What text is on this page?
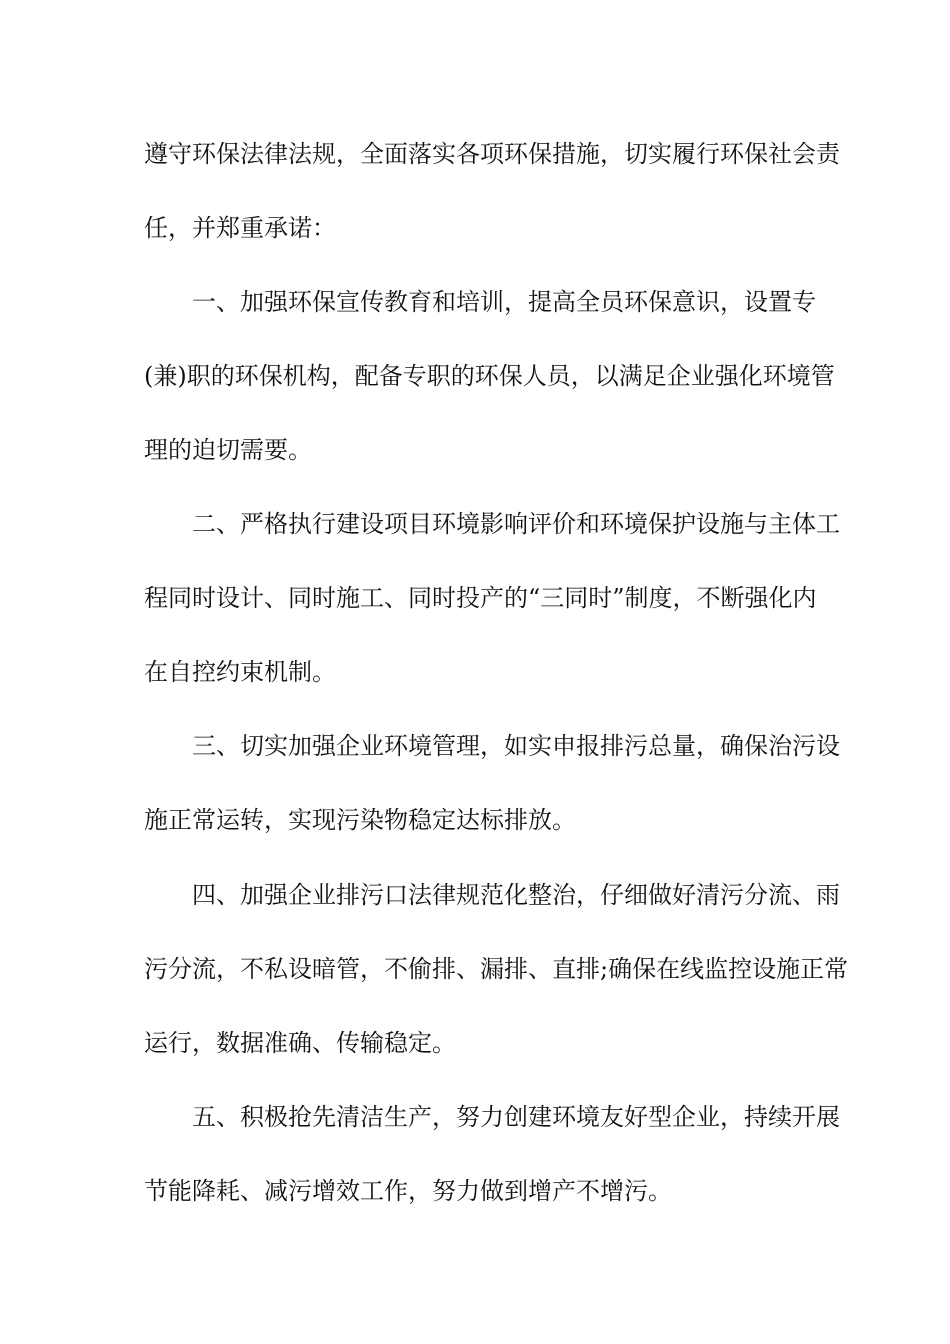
遵守环保法律法规，全面落实各项环保措施，切实履行环保社会责
任，并郑重承诺：
一、加强环保宣传教育和培训，提高全员环保意识，设置专
(兼)职的环保机构，配备专职的环保人员，以满足企业强化环境管
理的迫切需要。
二、严格执行建设项目环境影响评价和环境保护设施与主体工
程同时设计、同时施工、同时投产的“三同时”制度，不断强化内
在自控约束机制。
三、切实加强企业环境管理，如实申报排污总量，确保治污设
施正常运转，实现污染物稳定达标排放。
四、加强企业排污口法律规范化整治，仔细做好清污分流、雨
污分流，不私设暗管，不偷排、漏排、直排;确保在线监控设施正常
运行，数据准确、传输稳定。
五、积极抢先清洁生产，努力创建环境友好型企业，持续开展
节能降耗、减污增效工作，努力做到增产不增污。
